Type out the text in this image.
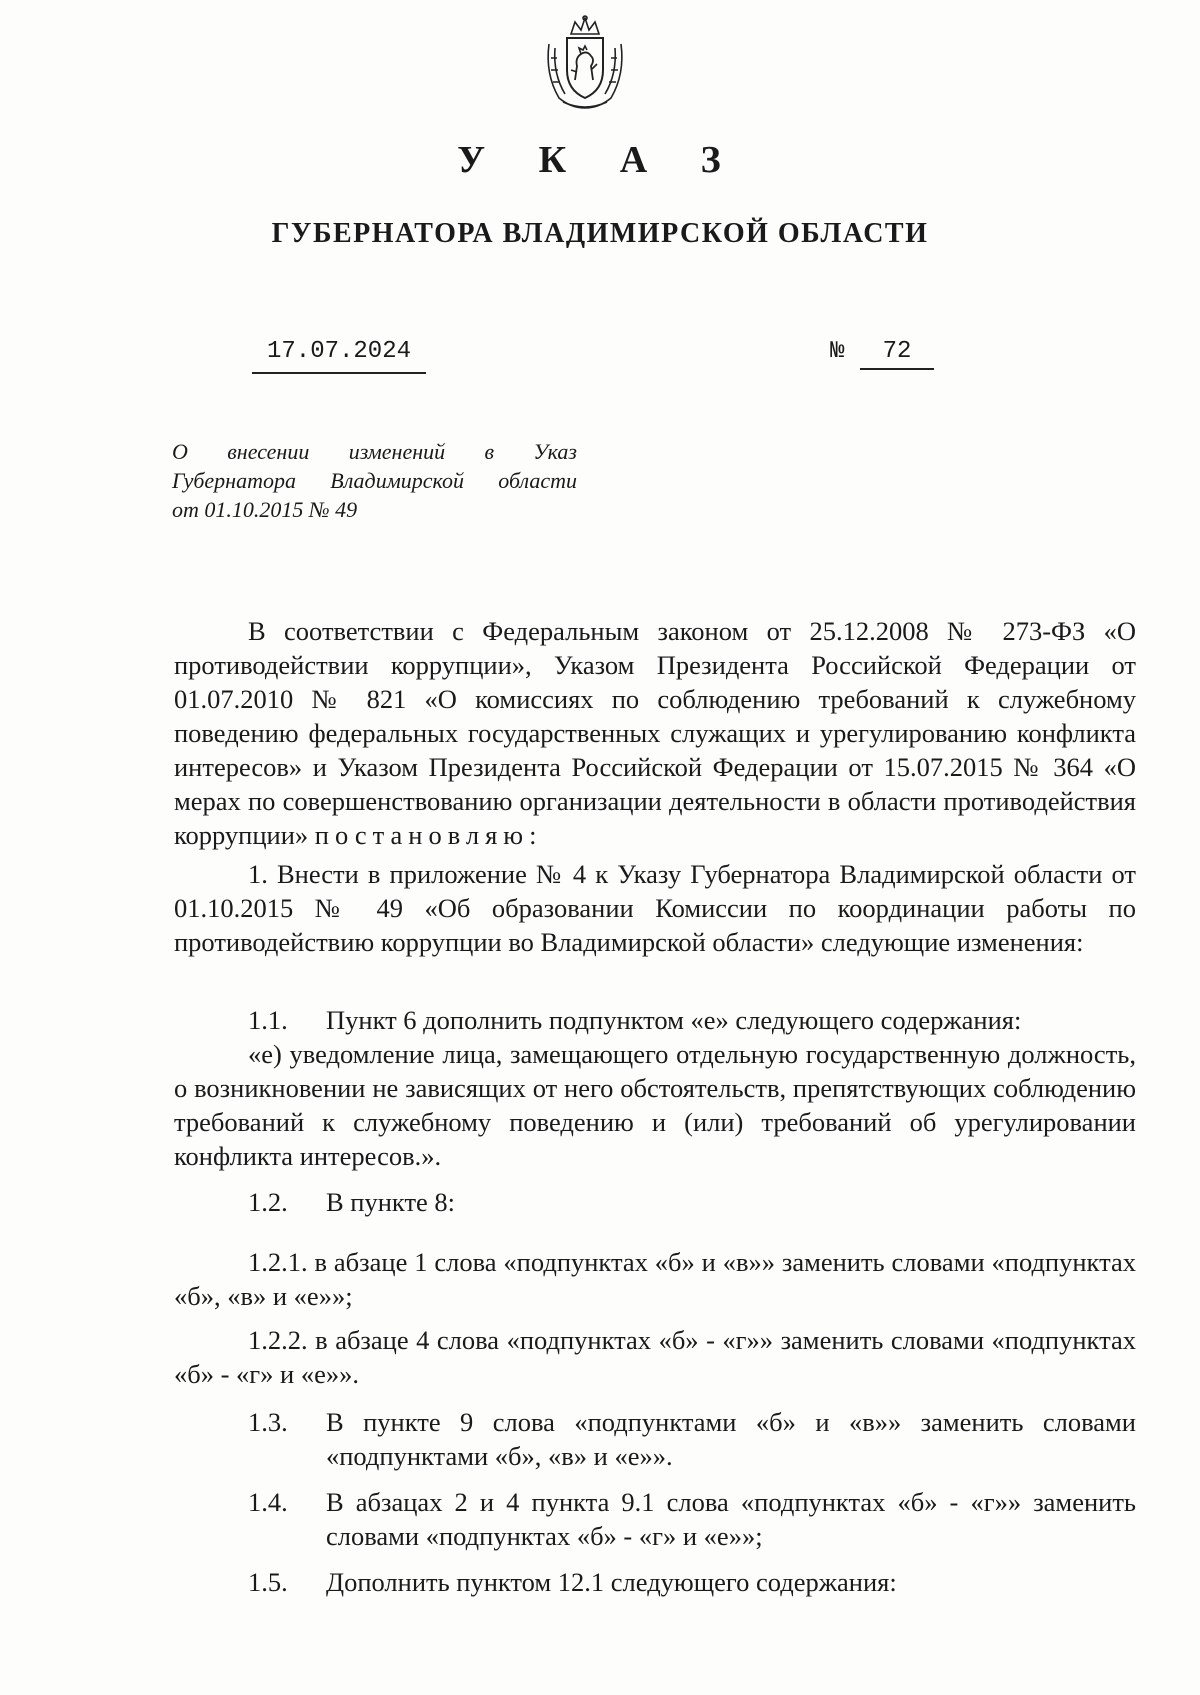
У К А З
ГУБЕРНАТОРА ВЛАДИМИРСКОЙ ОБЛАСТИ
17.07.2024	№	72
О внесении изменений в Указ
Губернатора Владимирской области
от 01.10.2015 № 49

В соответствии с Федеральным законом от 25.12.2008 № 273-ФЗ «О противодействии коррупции», Указом Президента Российской Федерации от 01.07.2010 № 821 «О комиссиях по соблюдению требований к служебному поведению федеральных государственных служащих и урегулированию конфликта интересов» и Указом Президента Российской Федерации от 15.07.2015 № 364 «О мерах по совершенствованию организации деятельности в области противодействия коррупции» постановляю:

1. Внести в приложение № 4 к Указу Губернатора Владимирской области от 01.10.2015 № 49 «Об образовании Комиссии по координации работы по противодействию коррупции во Владимирской области» следующие изменения:

1.1. Пункт 6 дополнить подпунктом «е» следующего содержания:

«е) уведомление лица, замещающего отдельную государственную должность, о возникновении не зависящих от него обстоятельств, препятствующих соблюдению требований к служебному поведению и (или) требований об урегулировании конфликта интересов.».

1.2. В пункте 8:

1.2.1. в абзаце 1 слова «подпунктах «б» и «в»» заменить словами «подпунктах «б», «в» и «е»»;

1.2.2. в абзаце 4 слова «подпунктах «б» - «г»» заменить словами «подпунктах «б» - «г» и «е»».

1.3. В пункте 9 слова «подпунктами «б» и «в»» заменить словами «подпунктами «б», «в» и «е»».

1.4. В абзацах 2 и 4 пункта 9.1 слова «подпунктах «б» - «г»» заменить словами «подпунктах «б» - «г» и «е»»;

1.5. Дополнить пунктом 12.1 следующего содержания:
